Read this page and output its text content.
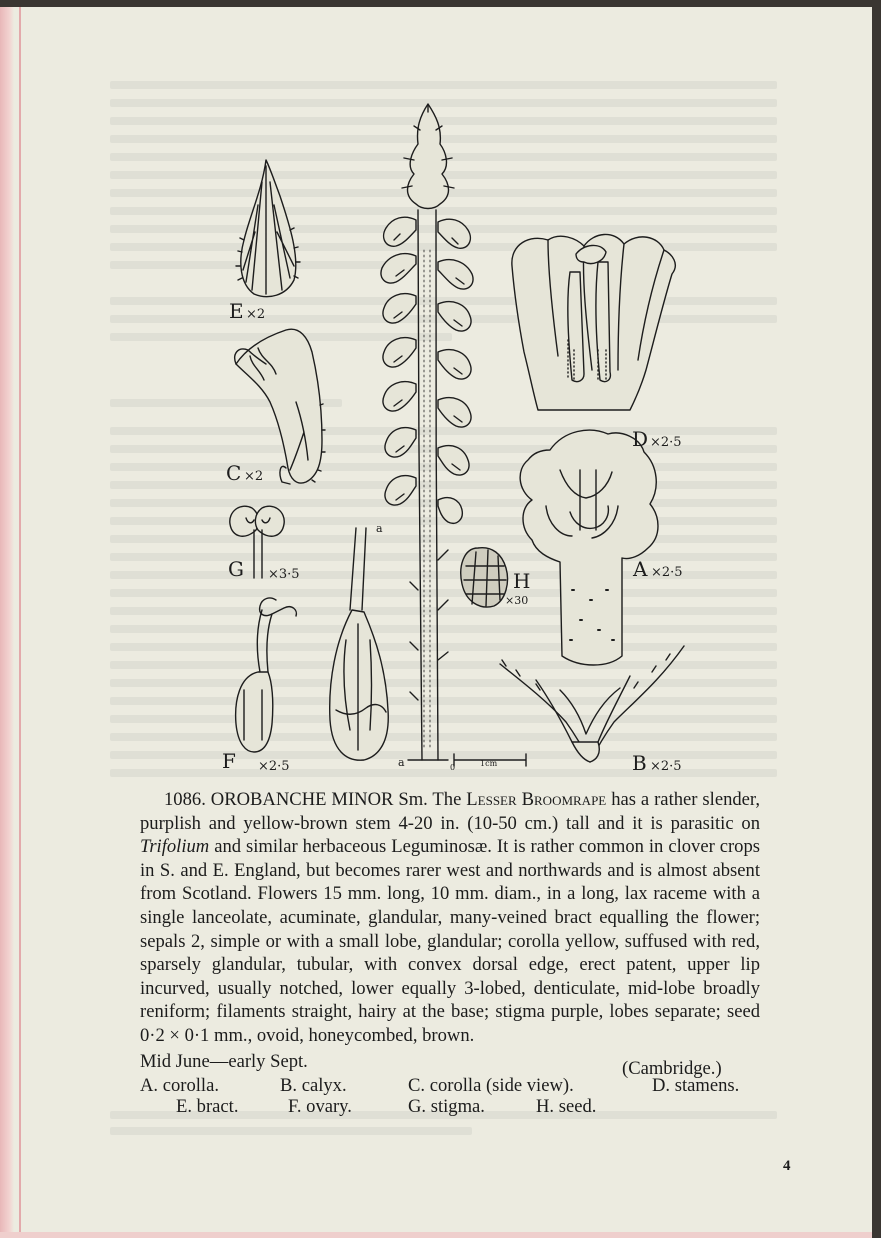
E ×2
C ×2
G ×3·5
F ×2·5
D ×2·5
A ×2·5
B ×2·5
H
×30
a
a	0	1cm

1086. OROBANCHE MINOR Sm. The Lesser Broomrape has a rather slender, purplish and yellow-brown stem 4-20 in. (10-50 cm.) tall and it is parasitic on Trifolium and similar herbaceous Leguminosæ. It is rather common in clover crops in S. and E. England, but becomes rarer west and northwards and is almost absent from Scotland. Flowers 15 mm. long, 10 mm. diam., in a long, lax raceme with a single lanceolate, acuminate, glandular, many-veined bract equalling the flower; sepals 2, simple or with a small lobe, glandular; corolla yellow, suffused with red, sparsely glandular, tubular, with convex dorsal edge, erect patent, upper lip incurved, usually notched, lower equally 3-lobed, denticulate, mid-lobe broadly reniform; filaments straight, hairy at the base; stigma purple, lobes separate; seed 0·2 × 0·1 mm., ovoid, honeycombed, brown.

Mid June—early Sept.	(Cambridge.)
A. corolla.	B. calyx.	C. corolla (side view).	D. stamens.
E. bract.	F. ovary.	G. stigma.	H. seed.
4
